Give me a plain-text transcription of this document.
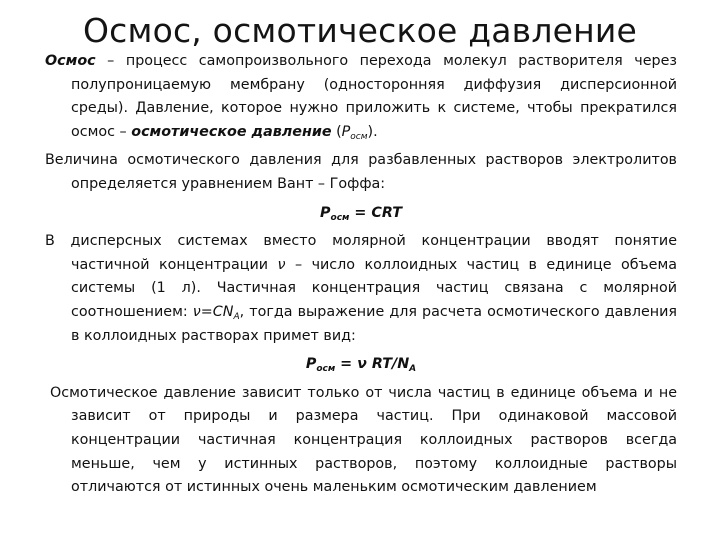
Осмос, осмотическое давление

Осмос – процесс самопроизвольного перехода молекул растворителя через полупроницаемую мембрану (односторонняя диффузия дисперсионной среды). Давление, которое нужно приложить к системе, чтобы прекратился осмос – осмотическое давление $(P_{осм})$.

Величина осмотического давления для разбавленных растворов электролитов определяется уравнением Вант – Гоффа:

$P_{осм}$ = CRT

В дисперсных системах вместо молярной концентрации вводят понятие частичной концентрации ν – число коллоидных частиц в единице объема системы (1 л). Частичная концентрация частиц связана с молярной соотношением: $\nu=CN_A$, тогда выражение для расчета осмотического давления в коллоидных растворах примет вид:

$P_{осм} = \nu$ $RT/N_A$

Осмотическое давление зависит только от числа частиц в единице объема и не зависит от природы и размера частиц. При одинаковой массовой концентрации частичная концентрация коллоидных растворов всегда меньше, чем у истинных растворов, поэтому коллоидные растворы отличаются от истинных очень маленьким осмотическим давлением
